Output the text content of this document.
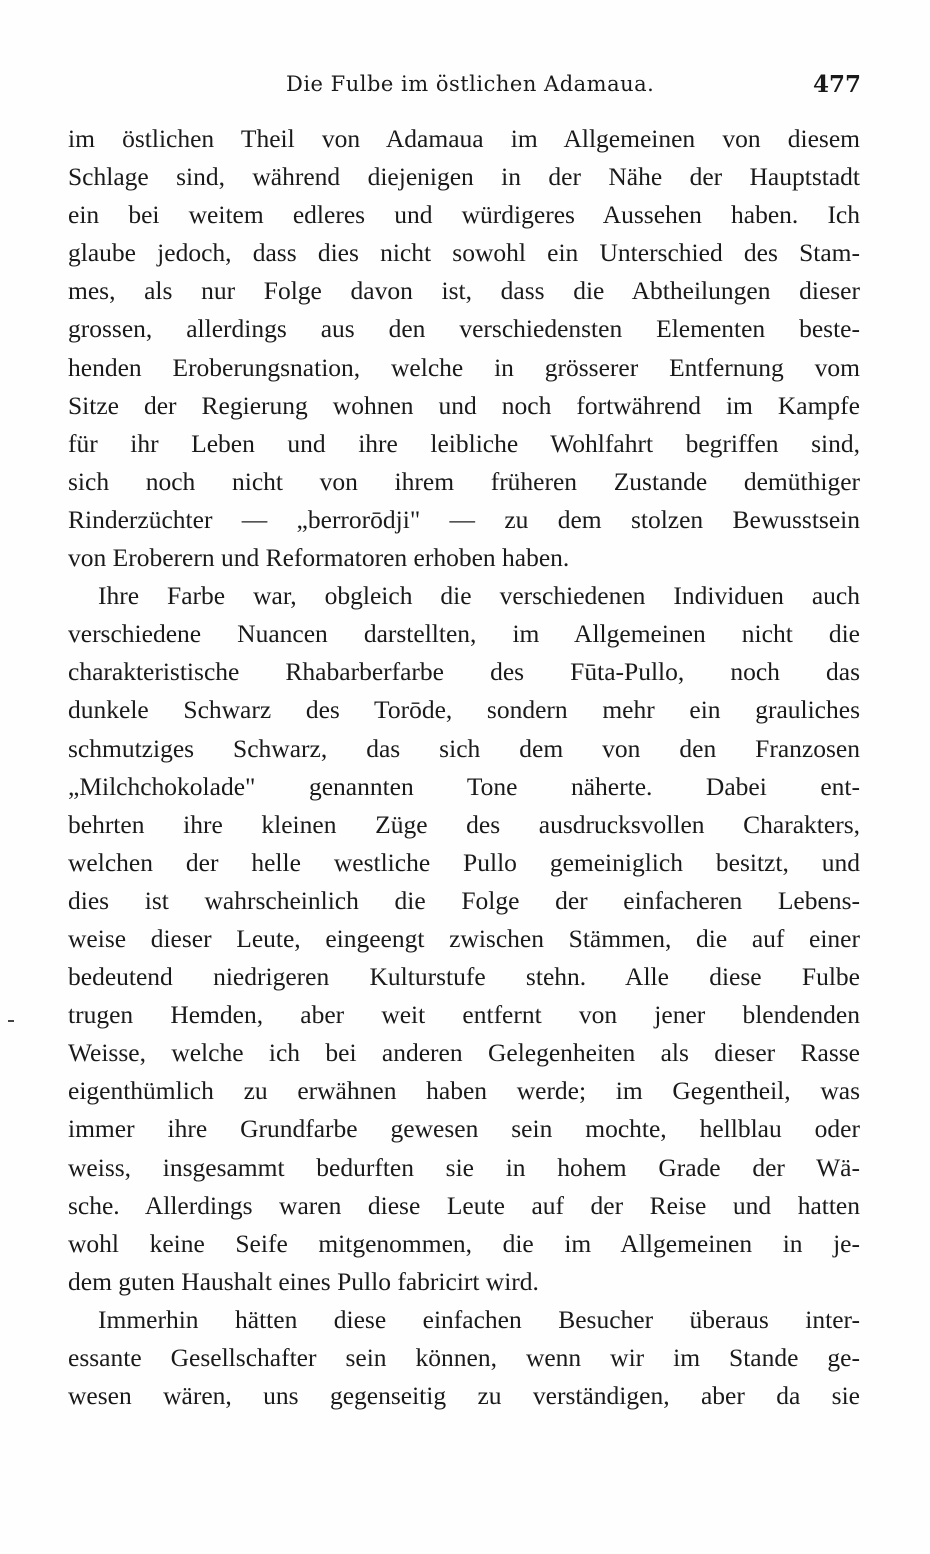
Die Fulbe im östlichen Adamaua.	477
im östlichen Theil von Adamaua im Allgemeinen von diesem
Schlage sind, während diejenigen in der Nähe der Hauptstadt
ein bei weitem edleres und würdigeres Aussehen haben. Ich
glaube jedoch, dass dies nicht sowohl ein Unterschied des Stam-
mes, als nur Folge davon ist, dass die Abtheilungen dieser
grossen, allerdings aus den verschiedensten Elementen beste-
henden Eroberungsnation, welche in grösserer Entfernung vom
Sitze der Regierung wohnen und noch fortwährend im Kampfe
für ihr Leben und ihre leibliche Wohlfahrt begriffen sind,
sich noch nicht von ihrem früheren Zustande demüthiger
Rinderzüchter — „berrorōdji" — zu dem stolzen Bewusstsein
von Eroberern und Reformatoren erhoben haben.
Ihre Farbe war, obgleich die verschiedenen Individuen auch
verschiedene Nuancen darstellten, im Allgemeinen nicht die
charakteristische Rhabarberfarbe des Fūta-Pullo, noch das
dunkele Schwarz des Torōde, sondern mehr ein grauliches
schmutziges Schwarz, das sich dem von den Franzosen
„Milchchokolade" genannten Tone näherte. Dabei ent-
behrten ihre kleinen Züge des ausdrucksvollen Charakters,
welchen der helle westliche Pullo gemeiniglich besitzt, und
dies ist wahrscheinlich die Folge der einfacheren Lebens-
weise dieser Leute, eingeengt zwischen Stämmen, die auf einer
bedeutend niedrigeren Kulturstufe stehn. Alle diese Fulbe
trugen Hemden, aber weit entfernt von jener blendenden
Weisse, welche ich bei anderen Gelegenheiten als dieser Rasse
eigenthümlich zu erwähnen haben werde; im Gegentheil, was
immer ihre Grundfarbe gewesen sein mochte, hellblau oder
weiss, insgesammt bedurften sie in hohem Grade der Wä-
sche. Allerdings waren diese Leute auf der Reise und hatten
wohl keine Seife mitgenommen, die im Allgemeinen in je-
dem guten Haushalt eines Pullo fabricirt wird.
Immerhin hätten diese einfachen Besucher überaus inter-
essante Gesellschafter sein können, wenn wir im Stande ge-
wesen wären, uns gegenseitig zu verständigen, aber da sie
